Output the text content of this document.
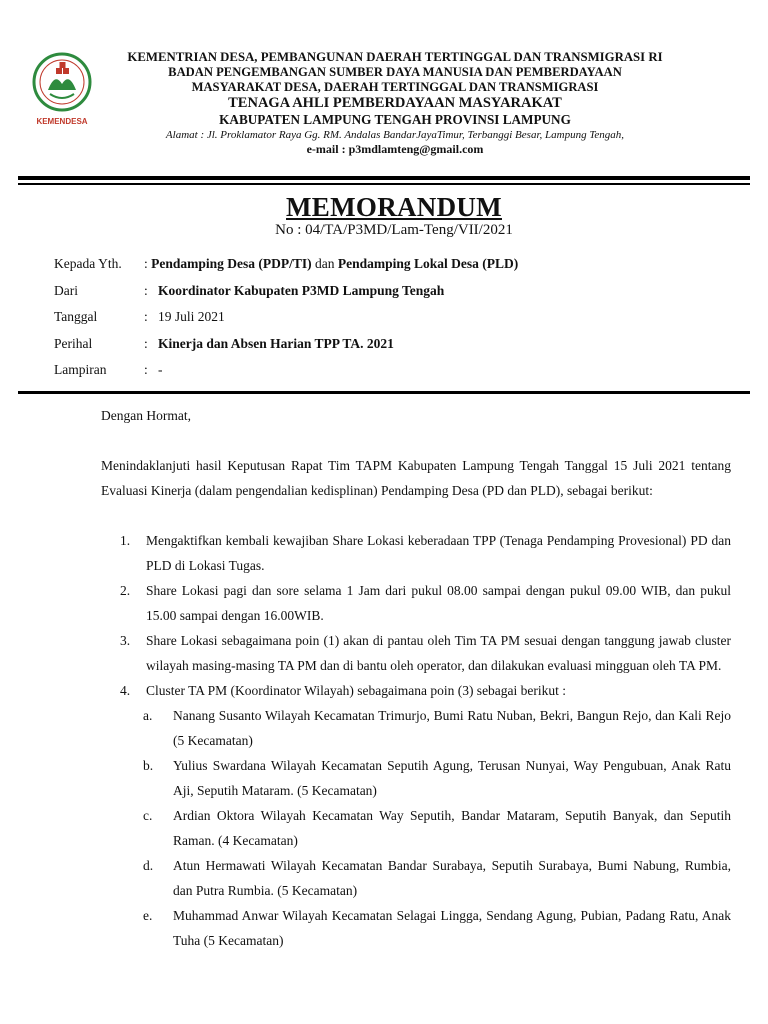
KEMENDESA
KEMENTRIAN DESA, PEMBANGUNAN DAERAH TERTINGGAL DAN TRANSMIGRASI RI
BADAN PENGEMBANGAN SUMBER DAYA MANUSIA DAN PEMBERDAYAAN
MASYARAKAT DESA, DAERAH TERTINGGAL DAN TRANSMIGRASI
TENAGA AHLI PEMBERDAYAAN MASYARAKAT
KABUPATEN LAMPUNG TENGAH PROVINSI LAMPUNG
Alamat : Jl. Proklamator Raya Gg. RM. Andalas BandarJayaTimur, Terbanggi Besar, Lampung Tengah,
e-mail : p3mdlamteng@gmail.com
MEMORANDUM
No : 04/TA/P3MD/Lam-Teng/VII/2021
Kepada Yth.	: Pendamping Desa (PDP/TI) dan Pendamping Lokal Desa (PLD)
Dari	: Koordinator Kabupaten P3MD Lampung Tengah
Tanggal	: 19 Juli 2021
Perihal	: Kinerja dan Absen Harian TPP TA. 2021
Lampiran	: -
Dengan Hormat,
Menindaklanjuti hasil Keputusan Rapat Tim TAPM Kabupaten Lampung Tengah Tanggal 15 Juli 2021 tentang Evaluasi Kinerja (dalam pengendalian kedisplinan) Pendamping Desa (PD dan PLD), sebagai berikut:
1.	Mengaktifkan kembali kewajiban Share Lokasi keberadaan TPP (Tenaga Pendamping Provesional) PD dan PLD di Lokasi Tugas.
2.	Share Lokasi pagi dan sore selama 1 Jam dari pukul 08.00 sampai dengan pukul 09.00 WIB, dan pukul 15.00 sampai dengan 16.00WIB.
3.	Share Lokasi sebagaimana poin (1) akan di pantau oleh Tim TA PM sesuai dengan tanggung jawab cluster wilayah masing-masing TA PM dan di bantu oleh operator, dan dilakukan evaluasi mingguan oleh TA PM.
4.	Cluster TA PM (Koordinator Wilayah) sebagaimana poin (3) sebagai berikut :
a.	Nanang Susanto Wilayah Kecamatan Trimurjo, Bumi Ratu Nuban, Bekri, Bangun Rejo, dan Kali Rejo (5 Kecamatan)
b.	Yulius Swardana Wilayah Kecamatan Seputih Agung, Terusan Nunyai, Way Pengubuan, Anak Ratu Aji, Seputih Mataram. (5 Kecamatan)
c.	Ardian Oktora Wilayah Kecamatan Way Seputih, Bandar Mataram, Seputih Banyak, dan Seputih Raman. (4 Kecamatan)
d.	Atun Hermawati Wilayah Kecamatan Bandar Surabaya, Seputih Surabaya, Bumi Nabung, Rumbia, dan Putra Rumbia. (5 Kecamatan)
e.	Muhammad Anwar Wilayah Kecamatan Selagai Lingga, Sendang Agung, Pubian, Padang Ratu, Anak Tuha (5 Kecamatan)
